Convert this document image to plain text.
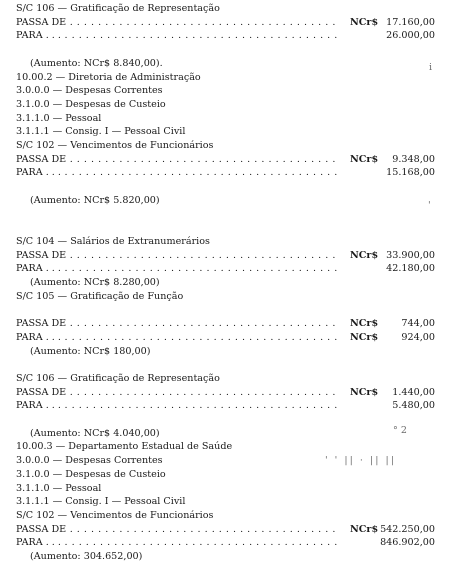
S/C 106 — Gratificação de Representação
PASSA DE . . .	NCr$ 17.160,00
PARA . . . . . .	26.000,00
(Aumento: NCr$ 8.840,00).
10.00.2 — Diretoria de Administração
3.0.0.0 — Despesas Correntes
3.1.0.0 — Despesas de Custeio
3.1.1.0 — Pessoal
3.1.1.1 — Consig. I — Pessoal Civil
S/C 102 — Vencimentos de Funcionários
PASSA DE . . .	NCr$ 9.348,00
PARA . . . . . .	15.168,00
(Aumento: NCr$ 5.820,00)
S/C 104 — Salários de Extranumerários
PASSA DE . . .	NCr$ 33.900,00
PARA . . . . . .	42.180,00
(Aumento: NCr$ 8.280,00)
S/C 105 — Gratificação de Função
PASSA DE . . .	NCr$ 744,00
PARA . . . . . .	NCr$ 924,00
(Aumento: NCr$ 180,00)
S/C 106 — Gratificação de Representação
PASSA DE . . .	NCr$ 1.440,00
PARA . . . . . .	5.480,00
(Aumento: NCr$ 4.040,00)
10.00.3 — Departamento Estadual de Saúde
3.0.0.0 — Despesas Correntes
3.1.0.0 — Despesas de Custeio
3.1.1.0 — Pessoal
3.1.1.1 — Consig. I — Pessoal Civil
S/C 102 — Vencimentos de Funcionários
PASSA DE . . .	NCr$ 542.250,00
PARA . . . . . .	846.902,00
(Aumento: 304.652,00)
i
'
° 2
' ' || · || ||
